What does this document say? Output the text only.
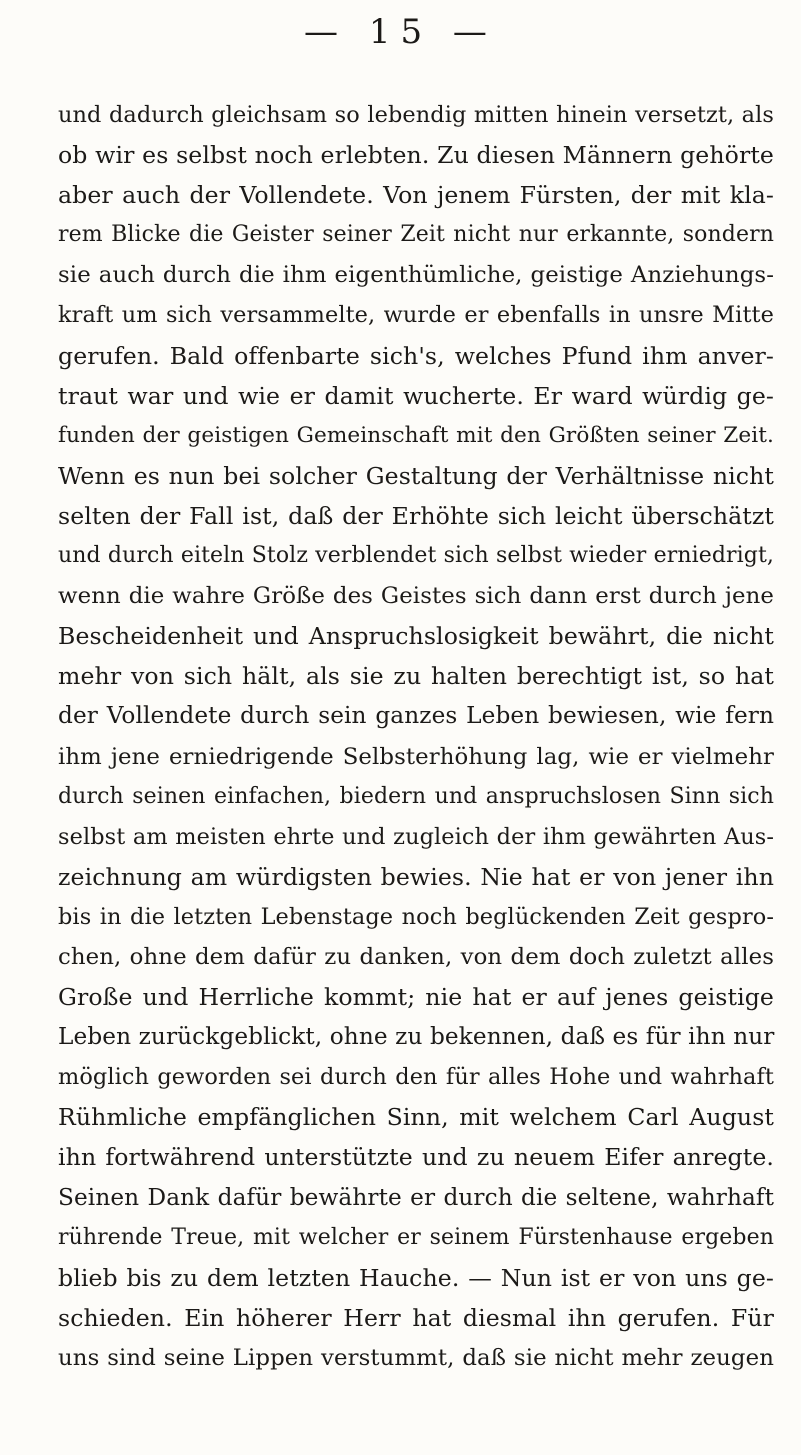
— 15 —
und dadurch gleichsam so lebendig mitten hinein versetzt, als
ob wir es selbst noch erlebten. Zu diesen Männern gehörte
aber auch der Vollendete. Von jenem Fürsten, der mit kla-
rem Blicke die Geister seiner Zeit nicht nur erkannte, sondern
sie auch durch die ihm eigenthümliche, geistige Anziehungs-
kraft um sich versammelte, wurde er ebenfalls in unsre Mitte
gerufen. Bald offenbarte sich's, welches Pfund ihm anver-
traut war und wie er damit wucherte. Er ward würdig ge-
funden der geistigen Gemeinschaft mit den Größten seiner Zeit.
Wenn es nun bei solcher Gestaltung der Verhältnisse nicht
selten der Fall ist, daß der Erhöhte sich leicht überschätzt
und durch eiteln Stolz verblendet sich selbst wieder erniedrigt,
wenn die wahre Größe des Geistes sich dann erst durch jene
Bescheidenheit und Anspruchslosigkeit bewährt, die nicht
mehr von sich hält, als sie zu halten berechtigt ist, so hat
der Vollendete durch sein ganzes Leben bewiesen, wie fern
ihm jene erniedrigende Selbsterhöhung lag, wie er vielmehr
durch seinen einfachen, biedern und anspruchslosen Sinn sich
selbst am meisten ehrte und zugleich der ihm gewährten Aus-
zeichnung am würdigsten bewies. Nie hat er von jener ihn
bis in die letzten Lebenstage noch beglückenden Zeit gespro-
chen, ohne dem dafür zu danken, von dem doch zuletzt alles
Große und Herrliche kommt; nie hat er auf jenes geistige
Leben zurückgeblickt, ohne zu bekennen, daß es für ihn nur
möglich geworden sei durch den für alles Hohe und wahrhaft
Rühmliche empfänglichen Sinn, mit welchem Carl August
ihn fortwährend unterstützte und zu neuem Eifer anregte.
Seinen Dank dafür bewährte er durch die seltene, wahrhaft
rührende Treue, mit welcher er seinem Fürstenhause ergeben
blieb bis zu dem letzten Hauche. — Nun ist er von uns ge-
schieden. Ein höherer Herr hat diesmal ihn gerufen. Für
uns sind seine Lippen verstummt, daß sie nicht mehr zeugen
